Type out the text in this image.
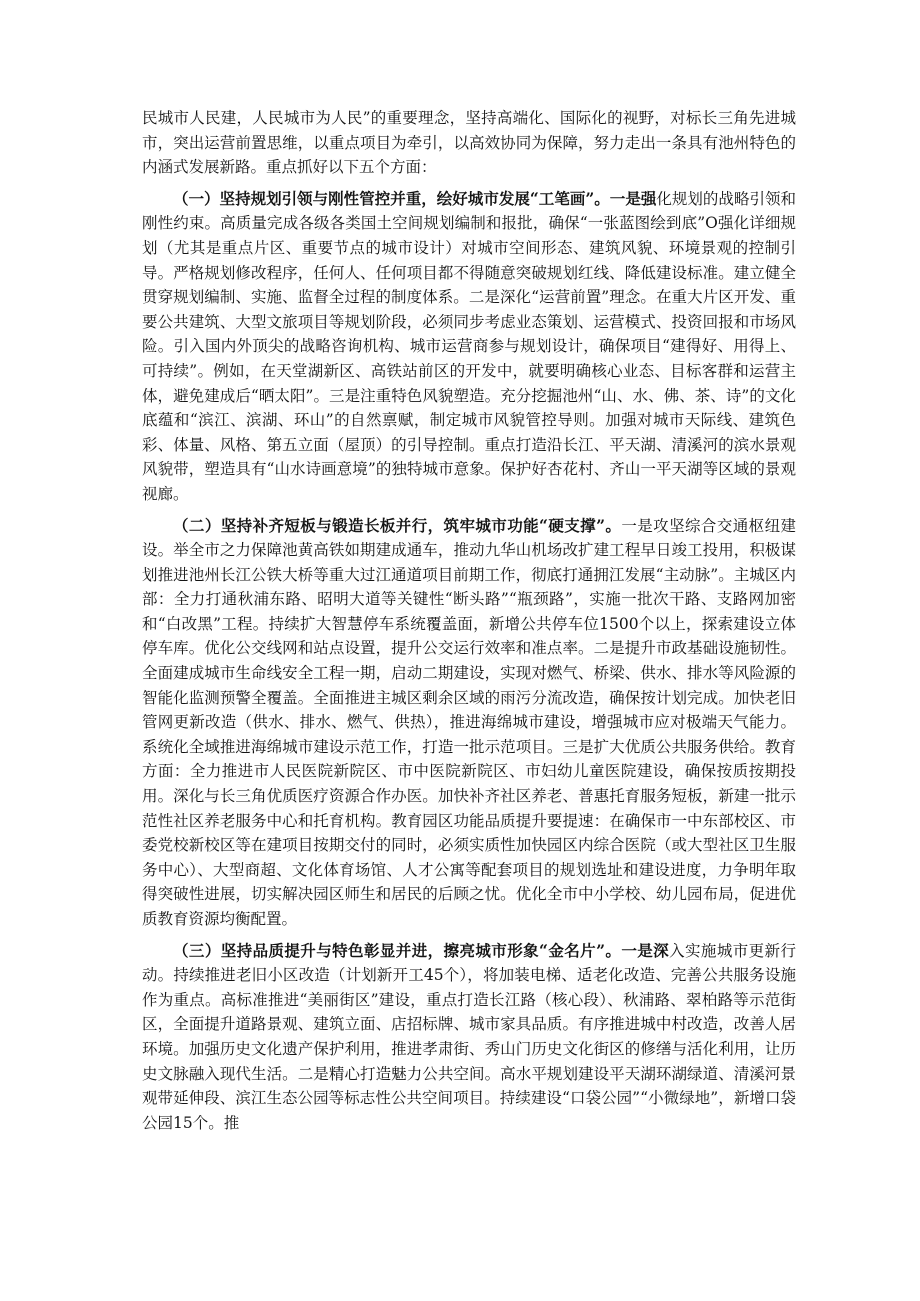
民城市人民建，人民城市为人民”的重要理念，坚持高端化、国际化的视野，对标长三角先进城市，突出运营前置思维，以重点项目为牵引，以高效协同为保障，努力走出一条具有池州特色的内涵式发展新路。重点抓好以下五个方面：

（一）坚持规划引领与刚性管控并重，绘好城市发展“工笔画”。一是强化规划的战略引领和刚性约束。高质量完成各级各类国土空间规划编制和报批，确保“一张蓝图绘到底”O强化详细规划（尤其是重点片区、重要节点的城市设计）对城市空间形态、建筑风貌、环境景观的控制引导。严格规划修改程序，任何人、任何项目都不得随意突破规划红线、降低建设标准。建立健全贯穿规划编制、实施、监督全过程的制度体系。二是深化“运营前置”理念。在重大片区开发、重要公共建筑、大型文旅项目等规划阶段，必须同步考虑业态策划、运营模式、投资回报和市场风险。引入国内外顶尖的战略咨询机构、城市运营商参与规划设计，确保项目“建得好、用得上、可持续”。例如，在天堂湖新区、高铁站前区的开发中，就要明确核心业态、目标客群和运营主体，避免建成后“晒太阳”。三是注重特色风貌塑造。充分挖掘池州“山、水、佛、茶、诗”的文化底蕴和“滨江、滨湖、环山”的自然禀赋，制定城市风貌管控导则。加强对城市天际线、建筑色彩、体量、风格、第五立面（屋顶）的引导控制。重点打造沿长江、平天湖、清溪河的滨水景观风貌带，塑造具有“山水诗画意境”的独特城市意象。保护好杏花村、齐山一平天湖等区域的景观视廊。

（二）坚持补齐短板与锻造长板并行，筑牢城市功能“硬支撑”。一是攻坚综合交通枢纽建设。举全市之力保障池黄高铁如期建成通车，推动九华山机场改扩建工程早日竣工投用，积极谋划推进池州长江公铁大桥等重大过江通道项目前期工作，彻底打通拥江发展“主动脉”。主城区内部：全力打通秋浦东路、昭明大道等关键性“断头路”“瓶颈路”，实施一批次干路、支路网加密和“白改黑”工程。持续扩大智慧停车系统覆盖面，新增公共停车位1500个以上，探索建设立体停车库。优化公交线网和站点设置，提升公交运行效率和准点率。二是提升市政基础设施韧性。全面建成城市生命线安全工程一期，启动二期建设，实现对燃气、桥梁、供水、排水等风险源的智能化监测预警全覆盖。全面推进主城区剩余区域的雨污分流改造，确保按计划完成。加快老旧管网更新改造（供水、排水、燃气、供热），推进海绵城市建设，增强城市应对极端天气能力。系统化全域推进海绵城市建设示范工作，打造一批示范项目。三是扩大优质公共服务供给。教育方面：全力推进市人民医院新院区、市中医院新院区、市妇幼儿童医院建设，确保按质按期投用。深化与长三角优质医疗资源合作办医。加快补齐社区养老、普惠托育服务短板，新建一批示范性社区养老服务中心和托育机构。教育园区功能品质提升要提速：在确保市一中东部校区、市委党校新校区等在建项目按期交付的同时，必须实质性加快园区内综合医院（或大型社区卫生服务中心）、大型商超、文化体育场馆、人才公寓等配套项目的规划选址和建设进度，力争明年取得突破性进展，切实解决园区师生和居民的后顾之忧。优化全市中小学校、幼儿园布局，促进优质教育资源均衡配置。

（三）坚持品质提升与特色彰显并进，擦亮城市形象“金名片”。一是深入实施城市更新行动。持续推进老旧小区改造（计划新开工45个），将加装电梯、适老化改造、完善公共服务设施作为重点。高标准推进“美丽街区”建设，重点打造长江路（核心段）、秋浦路、翠柏路等示范街区，全面提升道路景观、建筑立面、店招标牌、城市家具品质。有序推进城中村改造，改善人居环境。加强历史文化遗产保护利用，推进孝肃街、秀山门历史文化街区的修缮与活化利用，让历史文脉融入现代生活。二是精心打造魅力公共空间。高水平规划建设平天湖环湖绿道、清溪河景观带延伸段、滨江生态公园等标志性公共空间项目。持续建设“口袋公园”“小微绿地”，新增口袋公园15个。推
